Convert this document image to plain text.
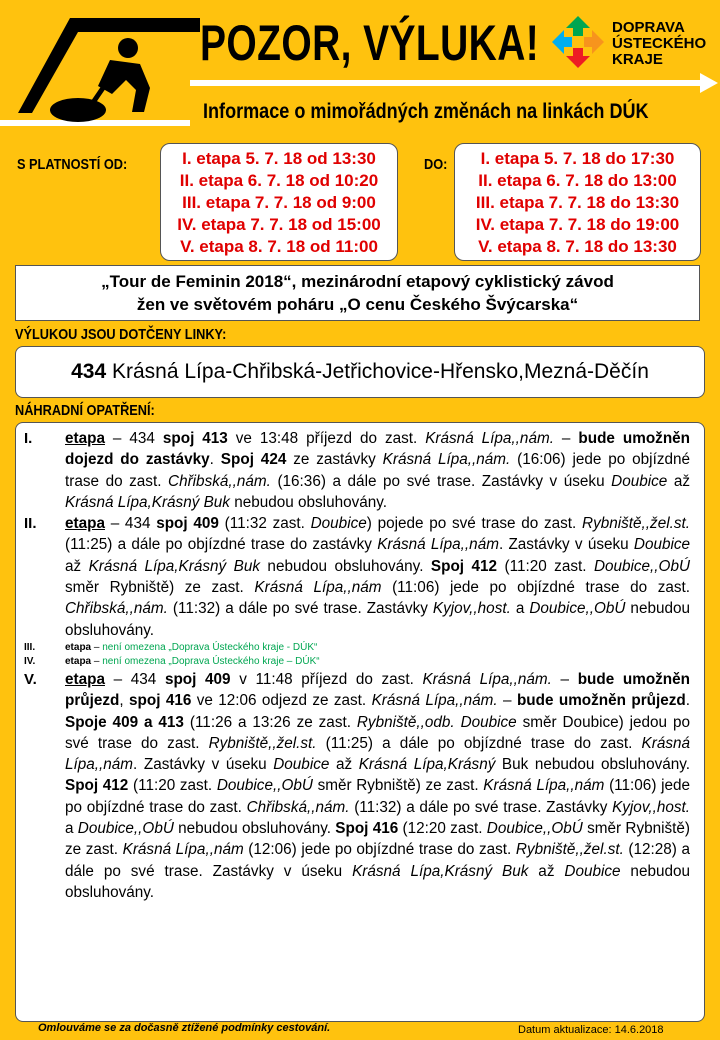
POZOR, VÝLUKA!
Informace o mimořádných změnách na linkách DÚK
DOPRAVA
ÚSTECKÉHO
KRAJE
S PLATNOSTÍ OD:	I. etapa 5. 7. 18 od 13:30
II. etapa 6. 7. 18 od 10:20
III. etapa 7. 7. 18 od 9:00
IV. etapa 7. 7. 18 od 15:00
V. etapa 8. 7. 18 od 11:00
DO:	I. etapa 5. 7. 18 do 17:30
II. etapa 6. 7. 18 do 13:00
III. etapa 7. 7. 18 do 13:30
IV. etapa 7. 7. 18 do 19:00
V. etapa 8. 7. 18 do 13:30
„Tour de Feminin 2018“, mezinárodní etapový cyklistický závod
žen ve světovém poháru „O cenu Českého Švýcarska“
VÝLUKOU JSOU DOTČENY LINKY:
434 Krásná Lípa-Chřibská-Jetřichovice-Hřensko,Mezná-Děčín
NÁHRADNÍ OPATŘENÍ:
I.	etapa – 434 spoj 413 ve 13:48 příjezd do zast. Krásná Lípa,,nám. – bude umožněn dojezd do zastávky. Spoj 424 ze zastávky Krásná Lípa,,nám. (16:06) jede po objízdné trase do zast. Chřibská,,nám. (16:36) a dále po své trase. Zastávky v úseku Doubice až Krásná Lípa,Krásný Buk nebudou obsluhovány.
II.	etapa – 434 spoj 409 (11:32 zast. Doubice) pojede po své trase do zast. Rybniště,,žel.st. (11:25) a dále po objízdné trase do zastávky Krásná Lípa,,nám. Zastávky v úseku Doubice až Krásná Lípa,Krásný Buk nebudou obsluhovány. Spoj 412 (11:20 zast. Doubice,,ObÚ směr Rybniště) ze zast. Krásná Lípa,,nám (11:06) jede po objízdné trase do zast. Chřibská,,nám. (11:32) a dále po své trase. Zastávky Kyjov,,host. a Doubice,,ObÚ nebudou obsluhovány.
III.	etapa – není omezena „Doprava Ústeckého kraje - DÚK“
IV.	etapa – není omezena „Doprava Ústeckého kraje – DÚK“
V.	etapa – 434 spoj 409 v 11:48 příjezd do zast. Krásná Lípa,,nám. – bude umožněn průjezd, spoj 416 ve 12:06 odjezd ze zast. Krásná Lípa,,nám. – bude umožněn průjezd. Spoje 409 a 413 (11:26 a 13:26 ze zast. Rybniště,,odb. Doubice směr Doubice) jedou po své trase do zast. Rybniště,,žel.st. (11:25) a dále po objízdné trase do zast. Krásná Lípa,,nám. Zastávky v úseku Doubice až Krásná Lípa,Krásný Buk nebudou obsluhovány. Spoj 412 (11:20 zast. Doubice,,ObÚ směr Rybniště) ze zast. Krásná Lípa,,nám (11:06) jede po objízdné trase do zast. Chřibská,,nám. (11:32) a dále po své trase. Zastávky Kyjov,,host. a Doubice,,ObÚ nebudou obsluhovány. Spoj 416 (12:20 zast. Doubice,,ObÚ směr Rybniště) ze zast. Krásná Lípa,,nám (12:06) jede po objízdné trase do zast. Rybniště,,žel.st. (12:28) a dále po své trase. Zastávky v úseku Krásná Lípa,Krásný Buk až Doubice nebudou obsluhovány.
Omlouváme se za dočasně ztížené podmínky cestování.	Datum aktualizace: 14.6.2018
